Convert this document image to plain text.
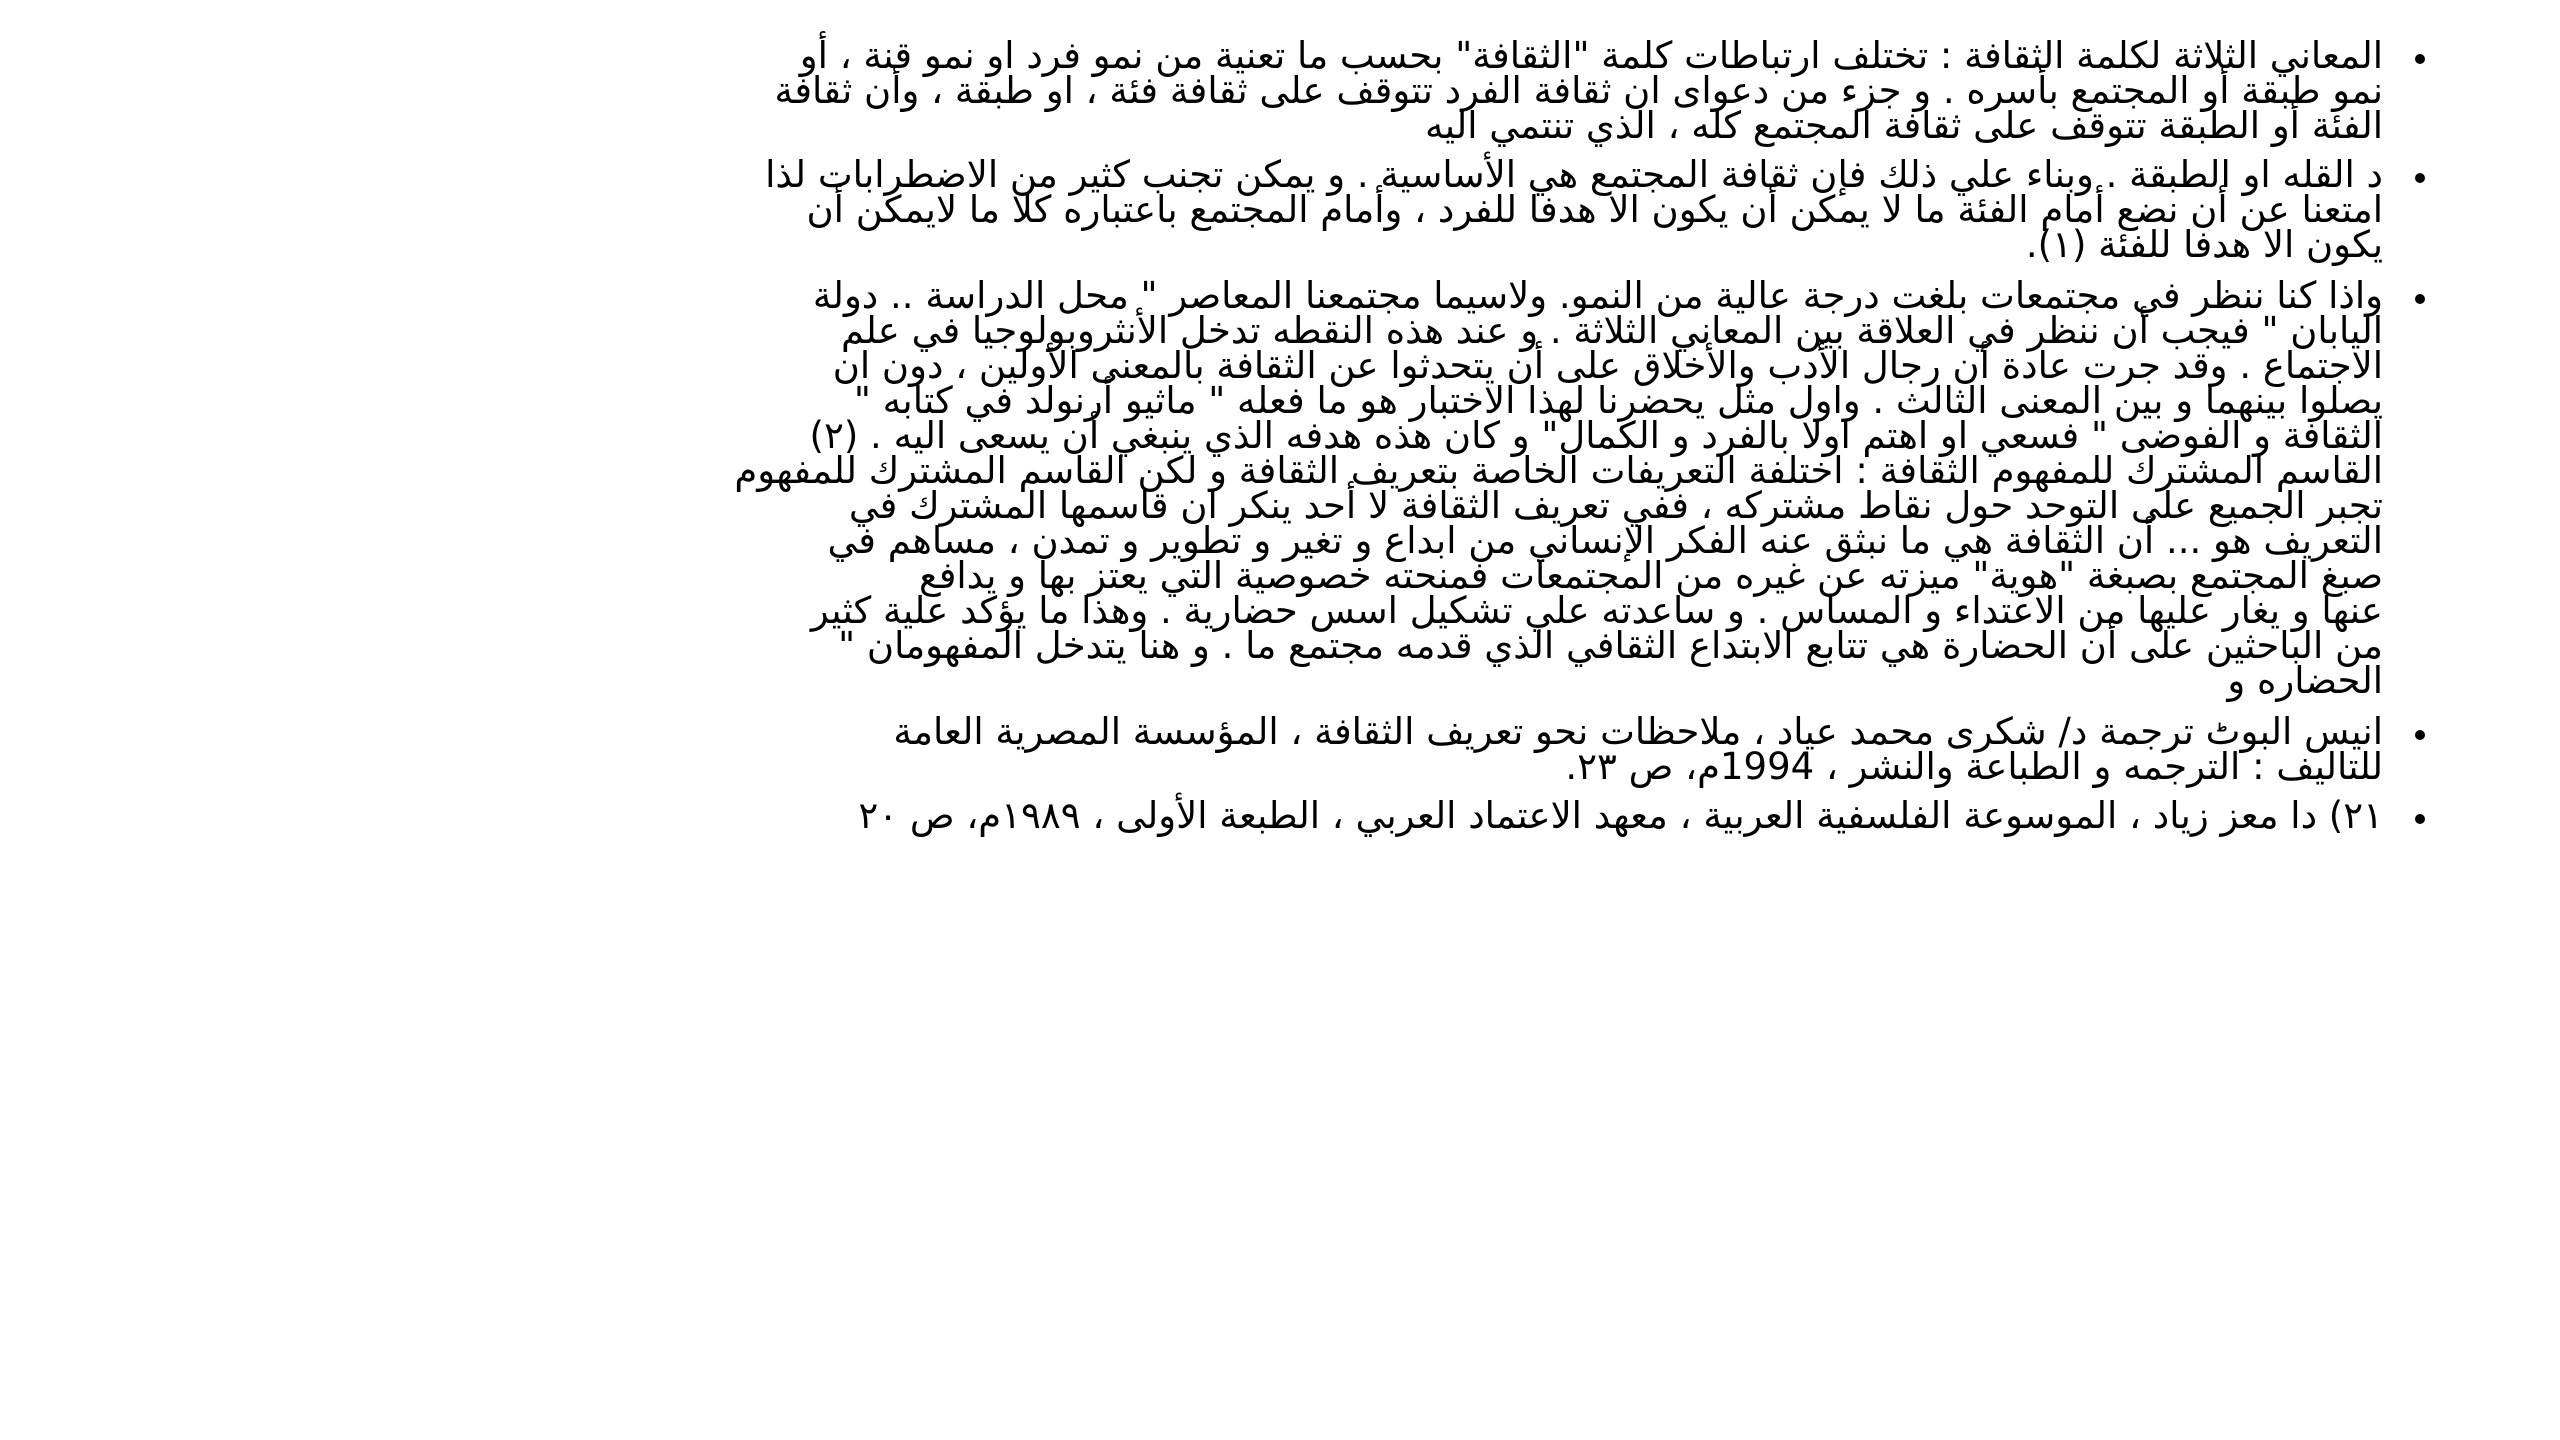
المعاني الثلاثة لكلمة الثقافة : تختلف ارتباطات كلمة "الثقافة" بحسب ما تعنية من نمو فرد او نمو قنة ، أو
نمو طبقة أو المجتمع بأسره . و جزء من دعواى ان ثقافة الفرد تتوقف على ثقافة فئة ، او طبقة ، وأن ثقافة
الفئة أو الطبقة تتوقف على ثقافة المجتمع كله ، الذي تنتمي اليه
د القله او الطبقة . وبناء علي ذلك فإن ثقافة المجتمع هي الأساسية . و يمكن تجنب كثير من الاضطرابات لذا
امتعنا عن أن نضع أمام الفئة ما لا يمكن أن يكون الا هدفا للفرد ، وأمام المجتمع باعتباره كلا ما لايمكن أن
يكون الا هدفا للفئة (١).
واذا كنا ننظر في مجتمعات بلغت درجة عالية من النمو. ولاسيما مجتمعنا المعاصر " محل الدراسة .. دولة
اليابان " فيجب أن ننظر في العلاقة بين المعاني الثلاثة . و عند هذه النقطه تدخل الأنثروبولوجيا في علم
الاجتماع . وقد جرت عادة أن رجال الأدب والأخلاق على أن يتحدثوا عن الثقافة بالمعنى الأولين ، دون ان
يصلوا بينهما و بين المعنى الثالث . واول مثل يحضرنا لهذا الاختبار هو ما فعله " ماثيو أرنولد في كتابه "
الثقافة و الفوضى " فسعي او اهتم اولا بالفرد و الكمال" و كان هذه هدفه الذي ينبغي أن يسعى اليه . (٢)
القاسم المشترك للمفهوم الثقافة : اختلفة التعريفات الخاصة بتعريف الثقافة و لكن القاسم المشترك للمفهوم
تجبر الجميع على التوحد حول نقاط مشتركه ، ففي تعريف الثقافة لا أحد ينكر ان قاسمها المشترك في
التعريف هو ... أن الثقافة هي ما نبثق عنه الفكر الإنساني من ابداع و تغير و تطوير و تمدن ، مساهم في
صبغ المجتمع بصبغة "هوية" ميزته عن غيره من المجتمعات فمنحته خصوصية التي يعتز بها و يدافع
عنها و يغار عليها من الاعتداء و المساس . و ساعدته علي تشكيل اسس حضارية . وهذا ما يؤكد علية كثير
من الباحثين على أن الحضارة هي تتابع الابتداع الثقافي الذي قدمه مجتمع ما . و هنا يتدخل المفهومان "
الحضاره و
انيس البوٹ ترجمة د/ شكرى محمد عياد ، ملاحظات نحو تعريف الثقافة ، المؤسسة المصرية العامة
للتاليف : الترجمه و الطباعة والنشر ، 1994م، ص ٢٣.
٢١) دا معز زياد ، الموسوعة الفلسفية العربية ، معهد الاعتماد العربي ، الطبعة الأولى ، ١٩٨٩م، ص ٢٠
